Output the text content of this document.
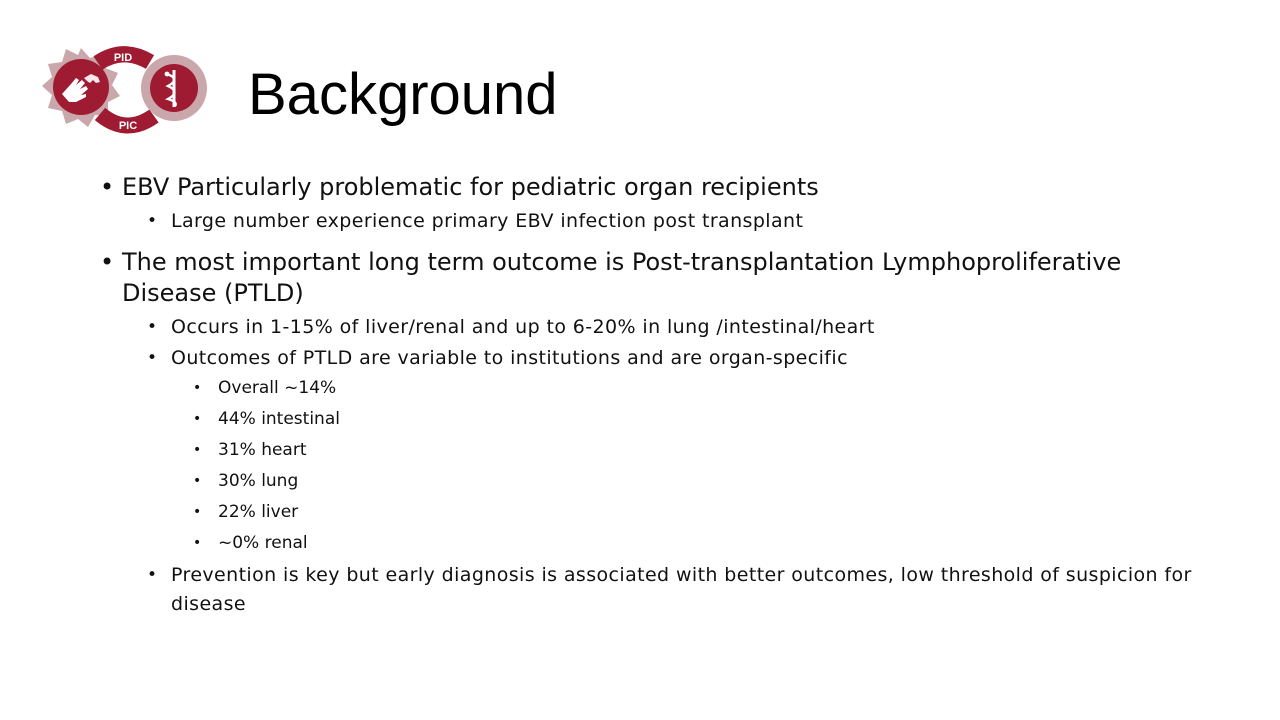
PID
PIC Background

• EBV Particularly problematic for pediatric organ recipients

• Large number experience primary EBV infection post transplant

• The most important long term outcome is Post-transplantation Lymphoproliferative Disease (PTLD)

• Occurs in 1-15% of liver/renal and up to 6-20% in lung /intestinal/heart

• Outcomes of PTLD are variable to institutions and are organ-specific

• Overall ~14%

• 44% intestinal

• 31% heart

• 30% lung

• 22% liver

• ~0% renal

• Prevention is key but early diagnosis is associated with better outcomes, low threshold of suspicion for disease
